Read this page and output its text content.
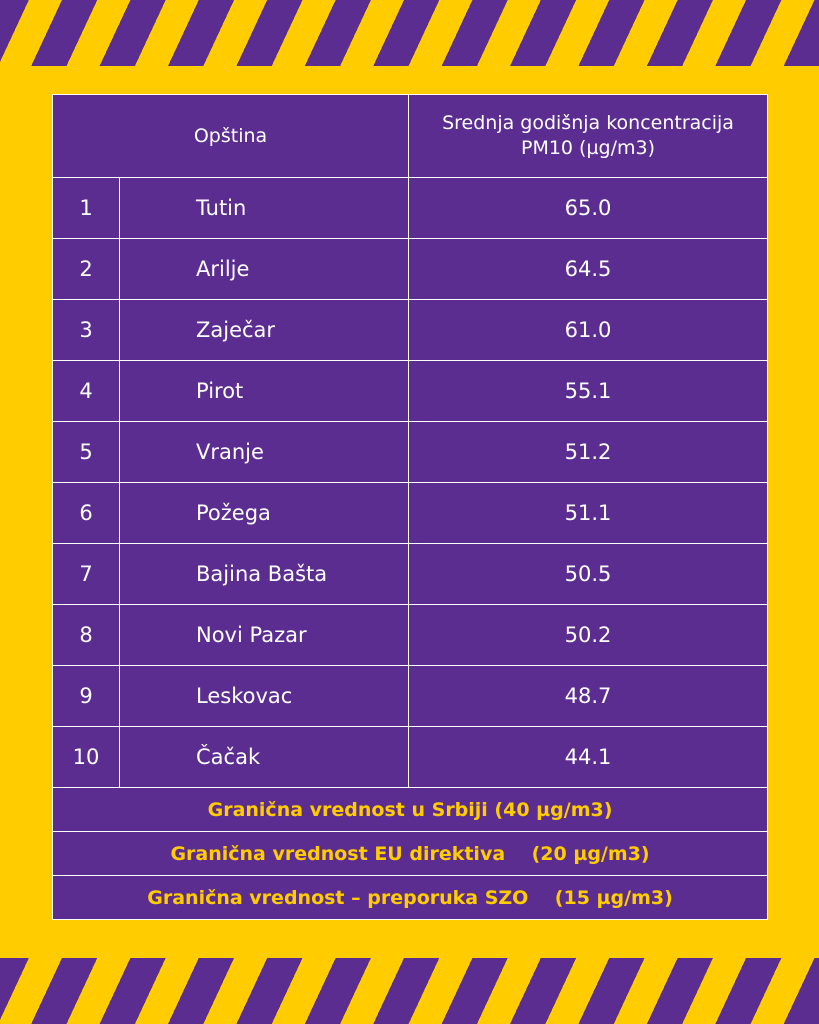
Opština		Srednja godišnja koncentracija
PM10 (µg/m3)
1	Tutin	65.0
2	Arilje	64.5
3	Zaječar	61.0
4	Pirot	55.1
5	Vranje	51.2
6	Požega	51.1
7	Bajina Bašta	50.5
8	Novi Pazar	50.2
9	Leskovac	48.7
10	Čačak	44.1
Granična vrednost u Srbiji (40 µg/m3)		
Granična vrednost EU direktiva    (20 µg/m3)		
Granična vrednost – preporuka SZO    (15 µg/m3)		
